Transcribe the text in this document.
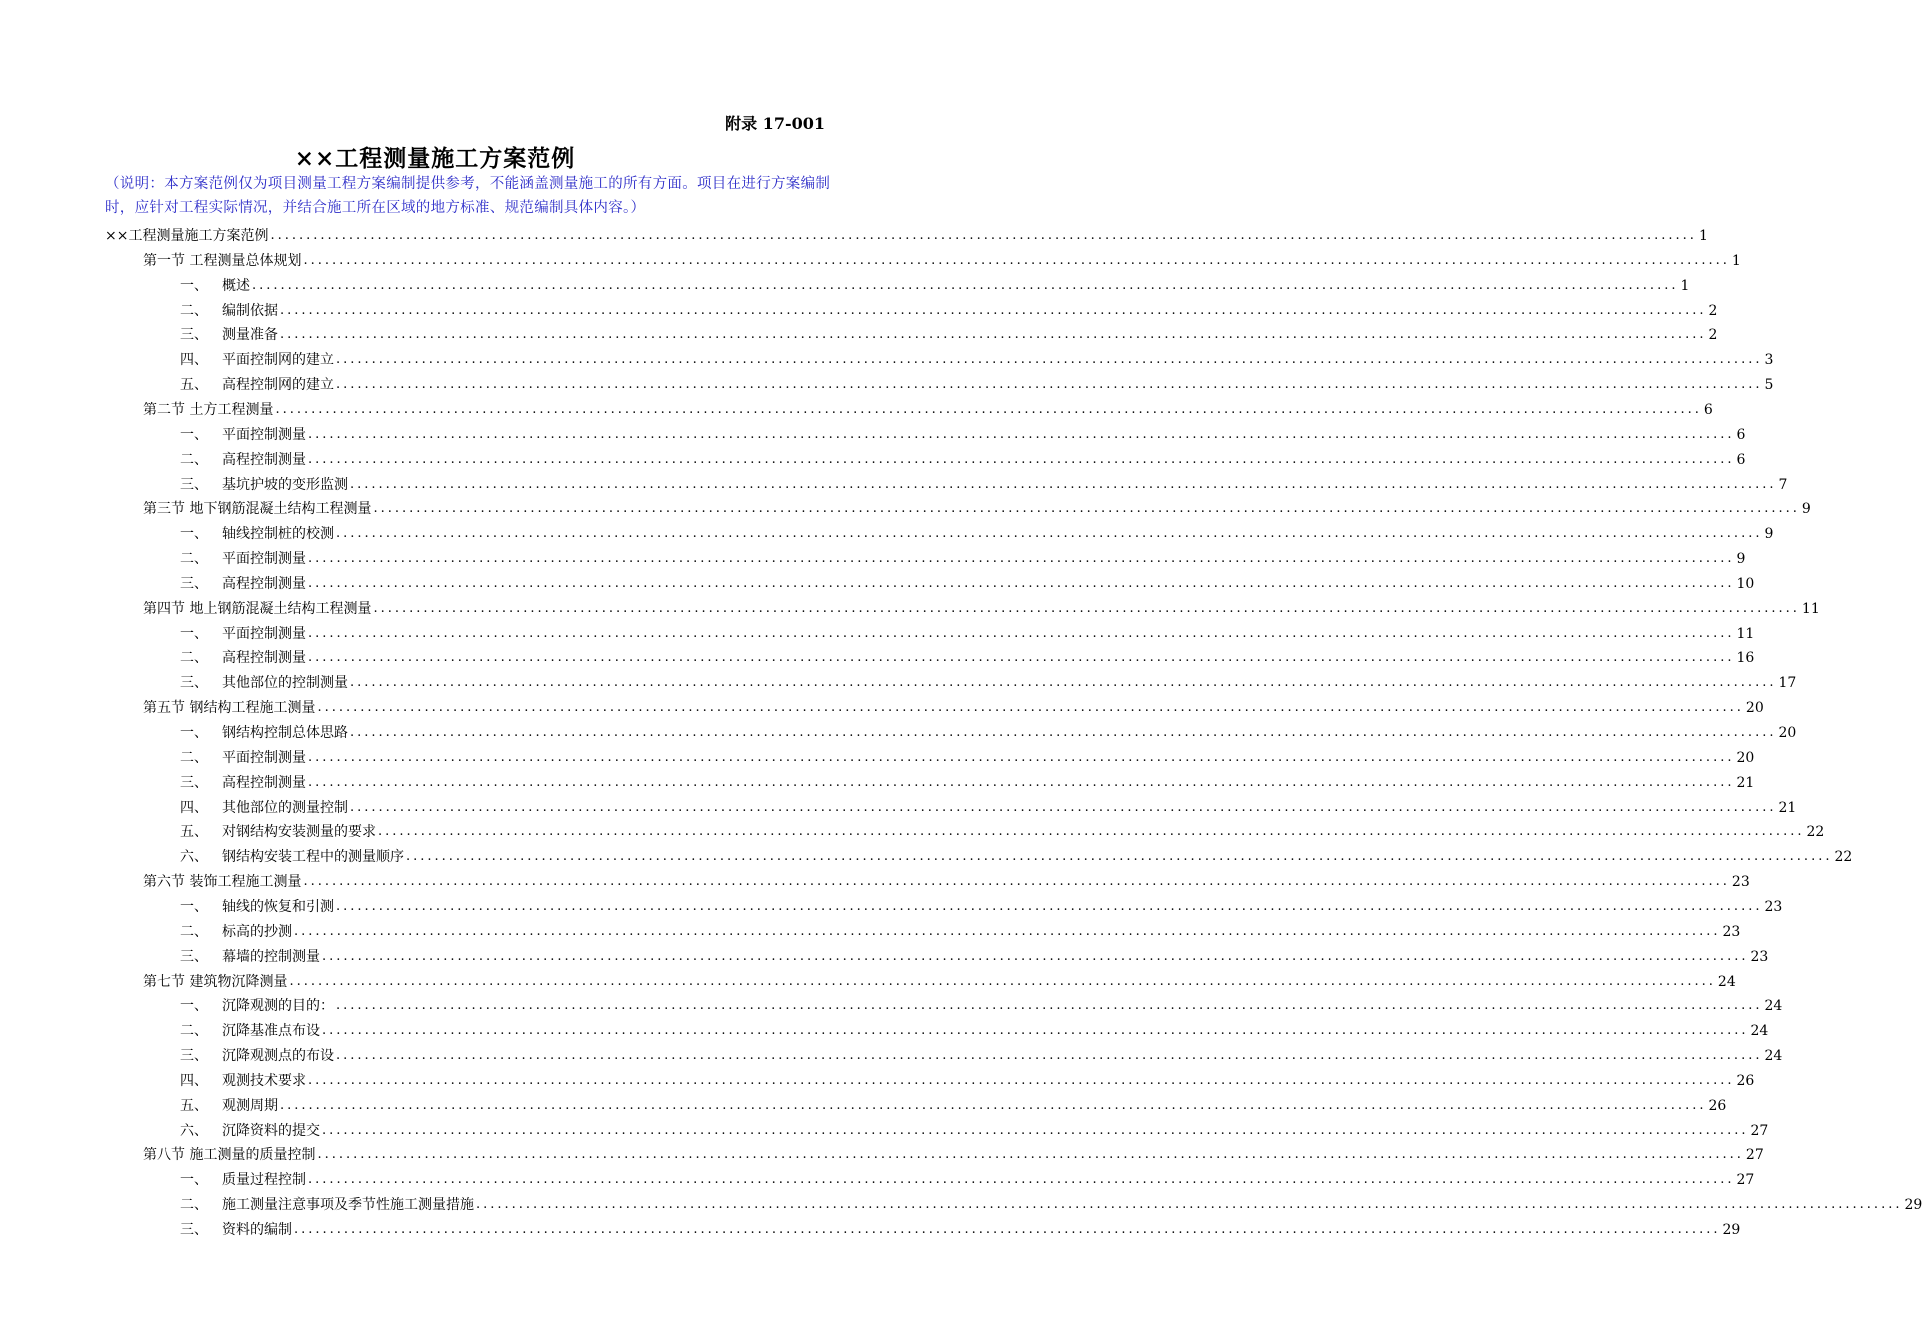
附录 17-001
××工程测量施工方案范例
（说明：本方案范例仅为项目测量工程方案编制提供参考，不能涵盖测量施工的所有方面。项目在进行方案编制时，应针对工程实际情况，并结合施工所在区域的地方标准、规范编制具体内容。）
××工程测量施工方案范例 ........................................................................................................................................................................................................ 1
第一节 工程测量总体规划 ........................................................................................................................................................................................................ 1
一、 概述 ........................................................................................................................................................................................................ 1
二、 编制依据 ........................................................................................................................................................................................................ 2
三、 测量准备 ........................................................................................................................................................................................................ 2
四、 平面控制网的建立 ........................................................................................................................................................................................................ 3
五、 高程控制网的建立 ........................................................................................................................................................................................................ 5
第二节 土方工程测量 ........................................................................................................................................................................................................ 6
一、 平面控制测量 ........................................................................................................................................................................................................ 6
二、 高程控制测量 ........................................................................................................................................................................................................ 6
三、 基坑护坡的变形监测 ........................................................................................................................................................................................................ 7
第三节 地下钢筋混凝土结构工程测量 ........................................................................................................................................................................................................ 9
一、 轴线控制桩的校测 ........................................................................................................................................................................................................ 9
二、 平面控制测量 ........................................................................................................................................................................................................ 9
三、 高程控制测量 ........................................................................................................................................................................................................ 10
第四节 地上钢筋混凝土结构工程测量 ........................................................................................................................................................................................................ 11
一、 平面控制测量 ........................................................................................................................................................................................................ 11
二、 高程控制测量 ........................................................................................................................................................................................................ 16
三、 其他部位的控制测量 ........................................................................................................................................................................................................ 17
第五节 钢结构工程施工测量 ........................................................................................................................................................................................................ 20
一、 钢结构控制总体思路 ........................................................................................................................................................................................................ 20
二、 平面控制测量 ........................................................................................................................................................................................................ 20
三、 高程控制测量 ........................................................................................................................................................................................................ 21
四、 其他部位的测量控制 ........................................................................................................................................................................................................ 21
五、 对钢结构安装测量的要求 ........................................................................................................................................................................................................ 22
六、 钢结构安装工程中的测量顺序 ........................................................................................................................................................................................................ 22
第六节 装饰工程施工测量 ........................................................................................................................................................................................................ 23
一、 轴线的恢复和引测 ........................................................................................................................................................................................................ 23
二、 标高的抄测 ........................................................................................................................................................................................................ 23
三、 幕墙的控制测量 ........................................................................................................................................................................................................ 23
第七节 建筑物沉降测量 ........................................................................................................................................................................................................ 24
一、 沉降观测的目的： ........................................................................................................................................................................................................ 24
二、 沉降基准点布设 ........................................................................................................................................................................................................ 24
三、 沉降观测点的布设 ........................................................................................................................................................................................................ 24
四、 观测技术要求 ........................................................................................................................................................................................................ 26
五、 观测周期 ........................................................................................................................................................................................................ 26
六、 沉降资料的提交 ........................................................................................................................................................................................................ 27
第八节 施工测量的质量控制 ........................................................................................................................................................................................................ 27
一、 质量过程控制 ........................................................................................................................................................................................................ 27
二、 施工测量注意事项及季节性施工测量措施 ........................................................................................................................................................................................................ 29
三、 资料的编制 ........................................................................................................................................................................................................ 29
